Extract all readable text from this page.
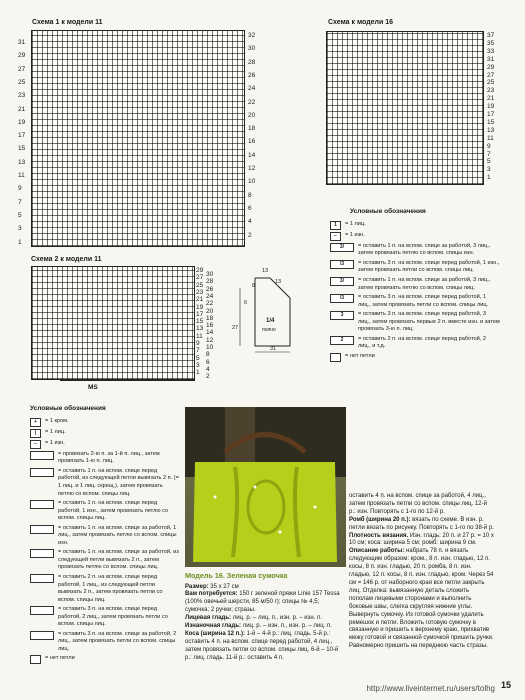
Схема 1 к модели 11
Схема 2 к модели 11
MS
Схема к модели 16
13
8
13
6
27
1/4
полно
31
Условные обозначения
1	= 1 лиц.
−	= 1 изн.
3/	= оставить 1 п. на вспом. спице за работой, 3 лиц., затем провязать петлю со вспом. спицы изн.
\3	= оставить 3 п. на вспом. спице перед работой, 1 изн., затем провязать петли со вспом. спицы лиц.
3/	= оставить 1 п. на вспом. спице за работой, 3 лиц., затем провязать петлю со вспом. спицы лиц.
\3	= оставить 3 п. на вспом. спице перед работой, 1 лиц., затем провязать петли со вспом. спицы лиц.
3	= оставить 3 п. на вспом. спице перед работой, 3 лиц., затем провязать первые 2 п. вместе изн. и затем провязать 3-ю п. лиц.
2	= оставить 2 п. на вспом. спице перед работой, 2 лиц., и т.д.
= нет петли
Условные обозначения
+	= 1 кром.
|	= 1 лиц.
−	= 1 изн.
= провязать 2-ю п. за 1-й п. лиц., затем провязать 1-ю п. лиц.
= оставить 1 п. на вспом. спице перед работой, из следующей петли вывязать 2 п. (= 1 лиц. и 1 лиц. скрещ.), затем провязать петлю со вспом. спицы лиц.
= оставить 1 п. на вспом. спице перед работой, 1 изн., затем провязать петлю со вспом. спицы лиц.
= оставить 1 п. на вспом. спице за работой, 1 лиц., затем провязать петлю со вспом. спицы изн.
= оставить 1 п. на вспом. спице за работой, из следующей петли вывязать 2 п., затем провязать петлю со вспом. спицы лиц.
= оставить 2 п. на вспом. спице перед работой, 1 лиц., из следующей петли вывязать 2 п., затем провязать петли со вспом. спицы лиц.
= оставить 3 п. на вспом. спице перед работой, 2 лиц., затем провязать петли со вспом. спицы лиц.
= оставить 3 п. на вспом. спице за работой, 2 лиц., затем провязать петли со вспом. спицы лиц.
= нет петли
Модель 16. Зеленая сумочка
Размер: 35 x 27 см
Вам потребуется: 150 г зеленой пряжи Linie 157 Tessa (100% овечьей шерсти, 85 м/50 г); спицы № 4,5; сумочка; 2 ручки; стразы.
Лицевая гладь: лиц. р. – лиц. п., изн. р. – изн. п.
Изнаночная гладь: лиц. р. – изн. п., изн. р. – лиц. п.
Коса (ширина 12 п.): 1-й – 4-й р.: лиц. гладь. 5-й р.: оставить 4 п. на вспом. спице перед работой, 4 лиц., затем провязать петли со вспом. спицы лиц. 6-й – 10-й р.: лиц. гладь. 11-й р.: оставить 4 п.
оставить 4 п. на вспом. спице за работой, 4 лиц., затем провязать петли со вспом. спицы лиц. 12-й р.: изн. Повторять с 1-го по 12-й р.
Ромб (ширина 20 п.): вязать по схеме. В изн. р. петли вязать по рисунку. Повторять с 1-го по 38-й р.
Плотность вязания. Изн. гладь: 20 п. и 27 р. = 10 x 10 см; коса: ширина 5 см; ромб: ширина 9 см.
Описание работы: набрать 78 п. и вязать следующим образом: кром., 8 п. изн. гладью, 12 п. косы, 8 п. изн. гладью, 20 п. ромба, 8 п. изн. гладью, 12 п. косы, 8 п. изн. гладью, кром. Через 54 см = 146 р. от наборного края все петли закрыть лиц. Отделка: вывязанную деталь сложить пополам лицевыми сторонами и выполнить боковые швы, слегка скругляя нижние углы. Вывернуть сумочку. Из готовой сумочки удалить ремешок и петли. Вложить готовую сумочку в связанную и пришить к верхнему краю, прихватив межу готовой и связанной сумочкой пришить ручки. Равномерно пришить на переднюю часть стразы.
http://www.liveinternet.ru/users/tolhg 15
31
29
27
25
23
21
19
17
15
13
11
9
7
5
3
1
32
30
28
26
24
22
20
18
16
14
12
10
8
6
4
2
29
27
25
23
21
19
17
15
13
11
9
7
5
3
1
30
28
26
24
22
20
18
16
14
12
10
8
6
4
2
37
35
33
31
29
27
25
23
21
19
17
15
13
11
9
7
5
3
1
